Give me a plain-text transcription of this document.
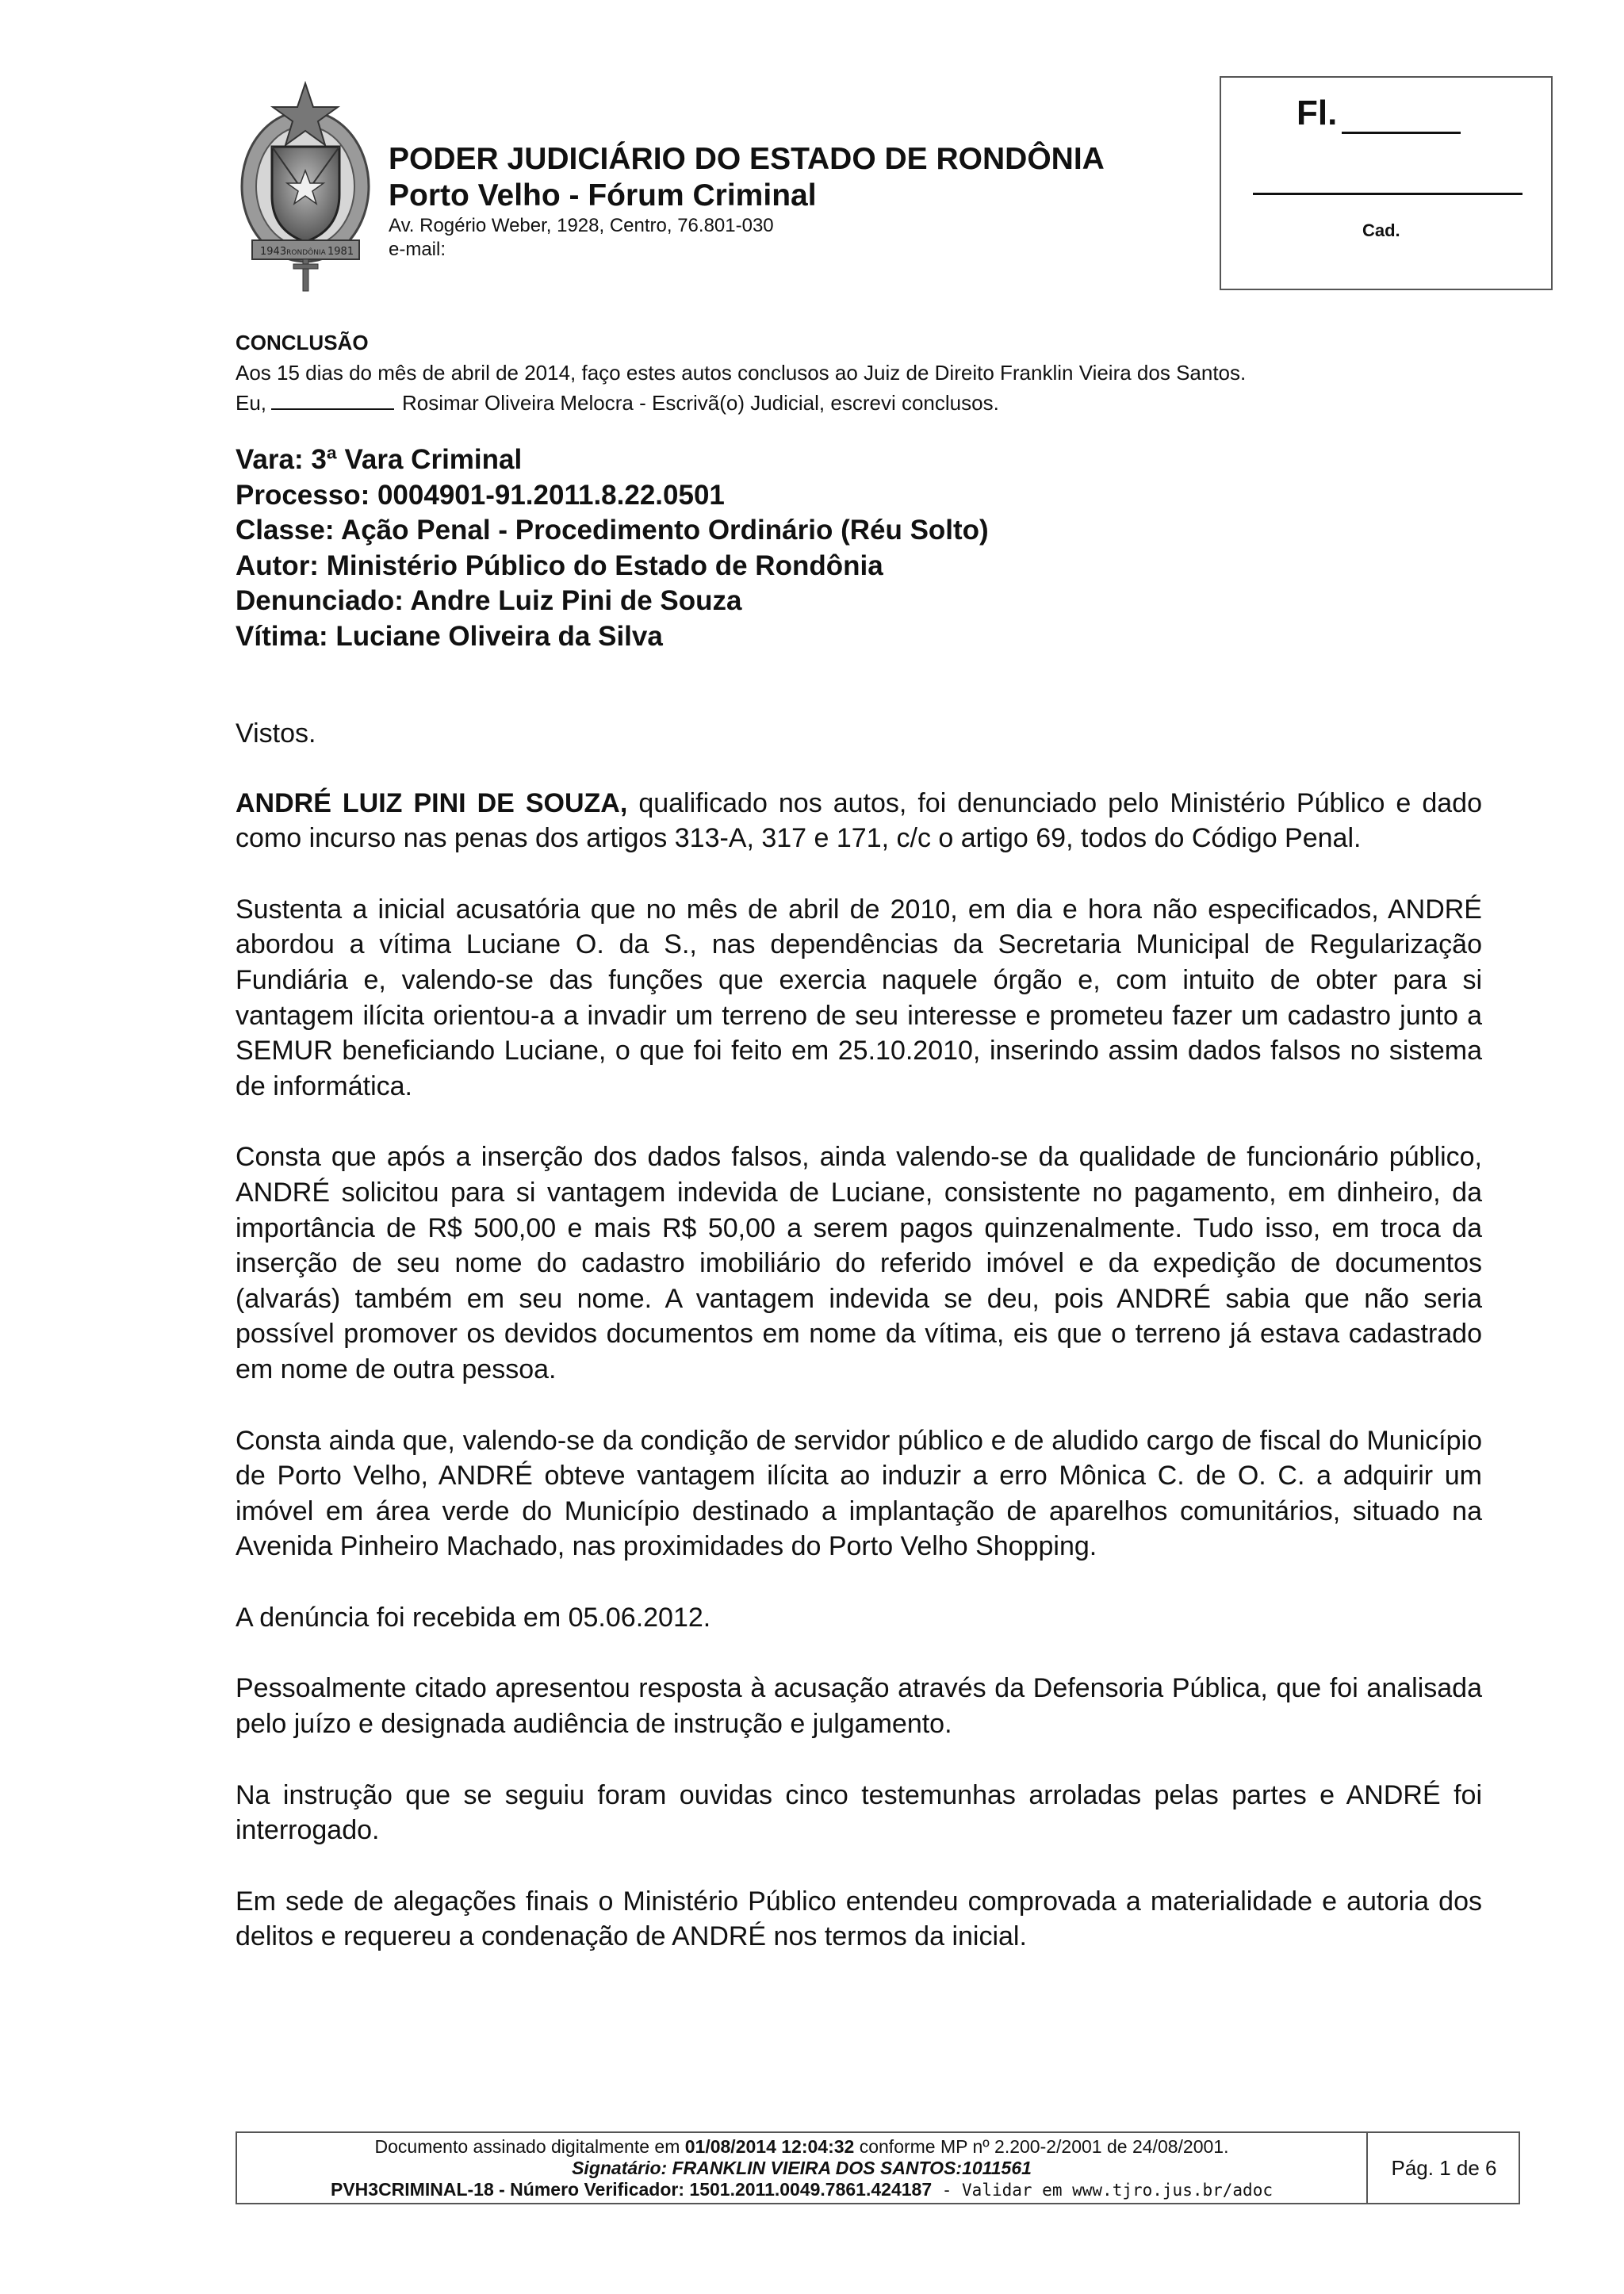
1943 RONDÔNIA 1981
PODER JUDICIÁRIO DO ESTADO DE RONDÔNIA
Porto Velho - Fórum Criminal
Av. Rogério Weber, 1928, Centro, 76.801-030
e-mail:
Fl.
Cad.
CONCLUSÃO
Aos 15 dias do mês de abril de 2014, faço estes autos conclusos ao Juiz de Direito Franklin Vieira dos Santos.
Eu,	Rosimar Oliveira Melocra - Escrivã(o) Judicial, escrevi conclusos.
Vara: 3ª Vara Criminal
Processo: 0004901-91.2011.8.22.0501
Classe: Ação Penal - Procedimento Ordinário (Réu Solto)
Autor: Ministério Público do Estado de Rondônia
Denunciado: Andre Luiz Pini de Souza
Vítima: Luciane Oliveira da Silva

Vistos.

ANDRÉ LUIZ PINI DE SOUZA, qualificado nos autos, foi denunciado pelo Ministério Público e dado como incurso nas penas dos artigos 313-A, 317 e 171, c/c o artigo 69, todos do Código Penal.

Sustenta a inicial acusatória que no mês de abril de 2010, em dia e hora não especificados, ANDRÉ abordou a vítima Luciane O. da S., nas dependências da Secretaria Municipal de Regularização Fundiária e, valendo-se das funções que exercia naquele órgão e, com intuito de obter para si vantagem ilícita orientou-a a invadir um terreno de seu interesse e prometeu fazer um cadastro junto a SEMUR beneficiando Luciane, o que foi feito em 25.10.2010, inserindo assim dados falsos no sistema de informática.

Consta que após a inserção dos dados falsos, ainda valendo-se da qualidade de funcionário público, ANDRÉ solicitou para si vantagem indevida de Luciane, consistente no pagamento, em dinheiro, da importância de R$ 500,00 e mais R$ 50,00 a serem pagos quinzenalmente. Tudo isso, em troca da inserção de seu nome do cadastro imobiliário do referido imóvel e da expedição de documentos (alvarás) também em seu nome. A vantagem indevida se deu, pois ANDRÉ sabia que não seria possível promover os devidos documentos em nome da vítima, eis que o terreno já estava cadastrado em nome de outra pessoa.

Consta ainda que, valendo-se da condição de servidor público e de aludido cargo de fiscal do Município de Porto Velho, ANDRÉ obteve vantagem ilícita ao induzir a erro Mônica C. de O. C. a adquirir um imóvel em área verde do Município destinado a implantação de aparelhos comunitários, situado na Avenida Pinheiro Machado, nas proximidades do Porto Velho Shopping.

A denúncia foi recebida em 05.06.2012.

Pessoalmente citado apresentou resposta à acusação através da Defensoria Pública, que foi analisada pelo juízo e designada audiência de instrução e julgamento.

Na instrução que se seguiu foram ouvidas cinco testemunhas arroladas pelas partes e ANDRÉ foi interrogado.

Em sede de alegações finais o Ministério Público entendeu comprovada a materialidade e autoria dos delitos e requereu a condenação de ANDRÉ nos termos da inicial.

Documento assinado digitalmente em 01/08/2014 12:04:32 conforme MP nº 2.200-2/2001 de 24/08/2001.
Signatário: FRANKLIN VIEIRA DOS SANTOS:1011561
PVH3CRIMINAL-18 - Número Verificador: 1501.2011.0049.7861.424187 - Validar em www.tjro.jus.br/adoc
Pág. 1 de 6
